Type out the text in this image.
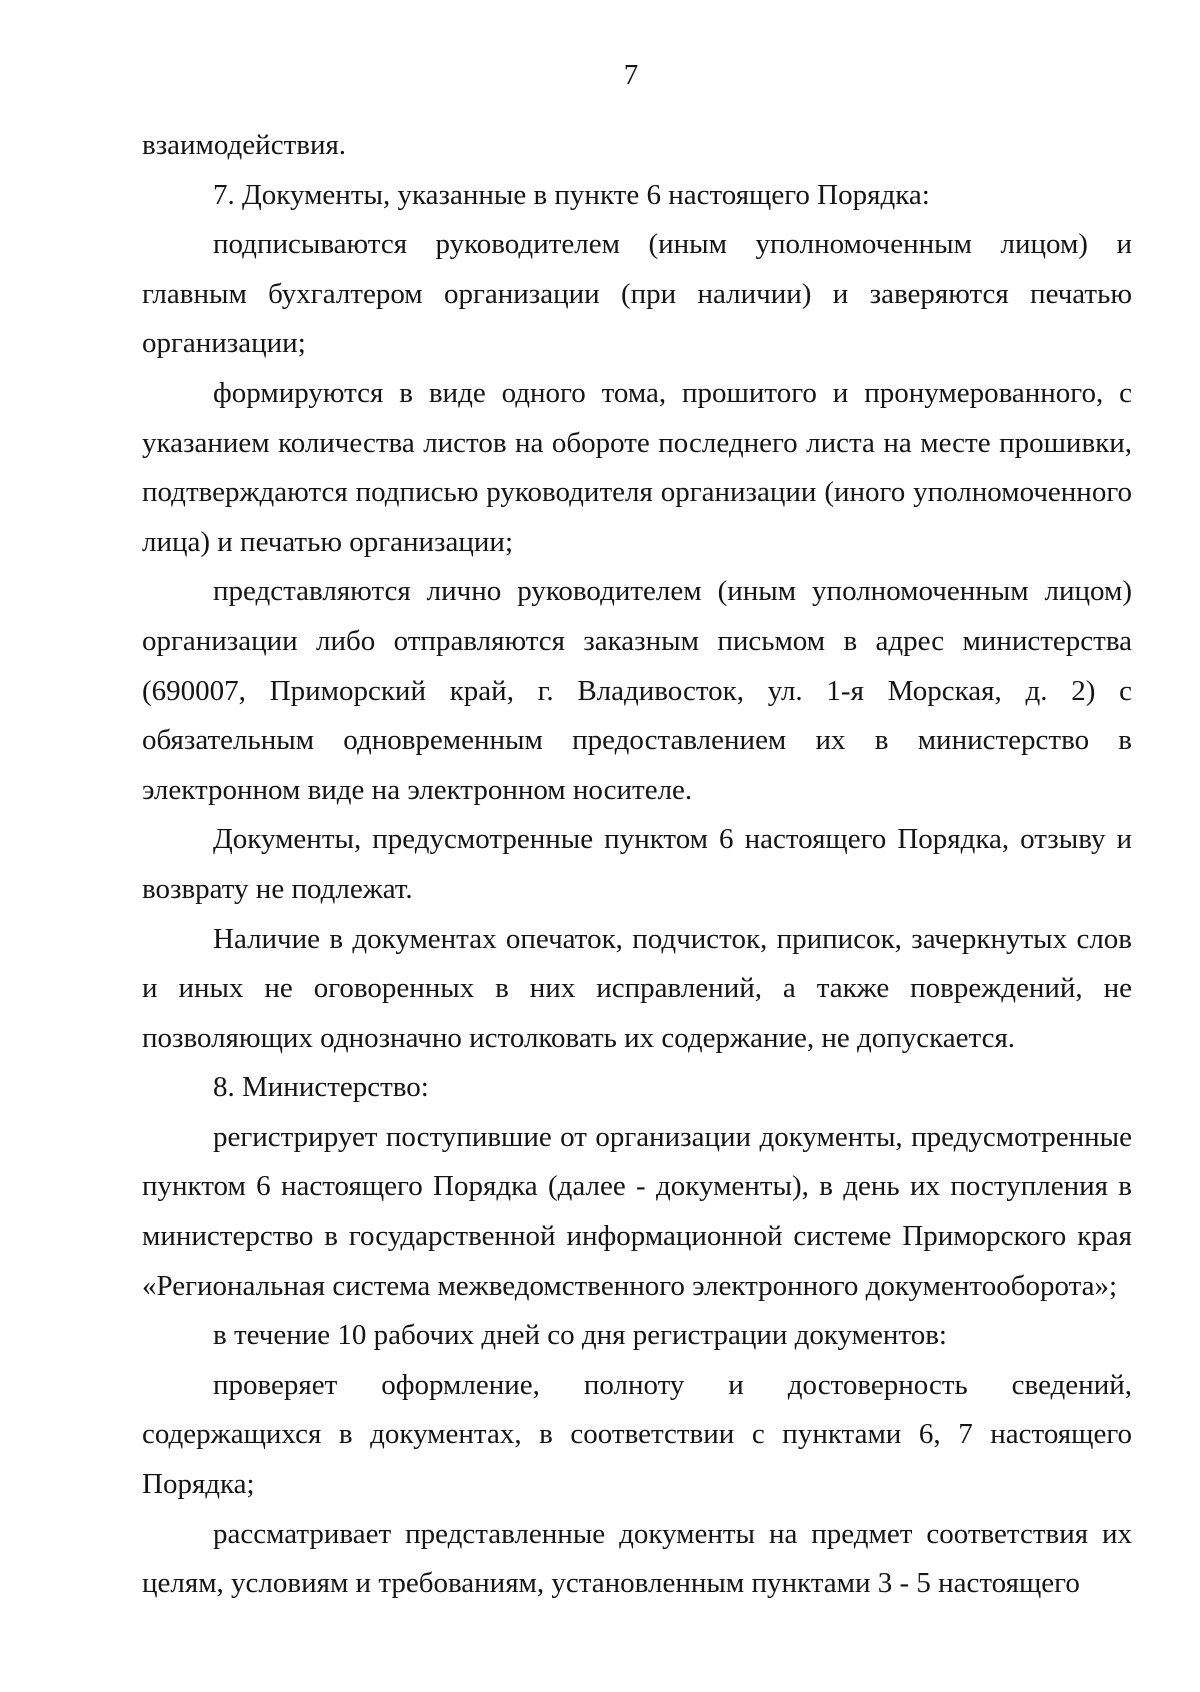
7

взаимодействия.

7. Документы, указанные в пункте 6 настоящего Порядка:

подписываются руководителем (иным уполномоченным лицом) и главным бухгалтером организации (при наличии) и заверяются печатью организации;

формируются в виде одного тома, прошитого и пронумерованного, с указанием количества листов на обороте последнего листа на месте прошивки, подтверждаются подписью руководителя организации (иного уполномоченного лица) и печатью организации;

представляются лично руководителем (иным уполномоченным лицом) организации либо отправляются заказным письмом в адрес министерства (690007, Приморский край, г. Владивосток, ул. 1-я Морская, д. 2) с обязательным одновременным предоставлением их в министерство в электронном виде на электронном носителе.

Документы, предусмотренные пунктом 6 настоящего Порядка, отзыву и возврату не подлежат.

Наличие в документах опечаток, подчисток, приписок, зачеркнутых слов и иных не оговоренных в них исправлений, а также повреждений, не позволяющих однозначно истолковать их содержание, не допускается.

8. Министерство:

регистрирует поступившие от организации документы, предусмотренные пунктом 6 настоящего Порядка (далее - документы), в день их поступления в министерство в государственной информационной системе Приморского края «Региональная система межведомственного электронного документооборота»;

в течение 10 рабочих дней со дня регистрации документов:

проверяет оформление, полноту и достоверность сведений, содержащихся в документах, в соответствии с пунктами 6, 7 настоящего Порядка;

рассматривает представленные документы на предмет соответствия их целям, условиям и требованиям, установленным пунктами 3 - 5 настоящего
